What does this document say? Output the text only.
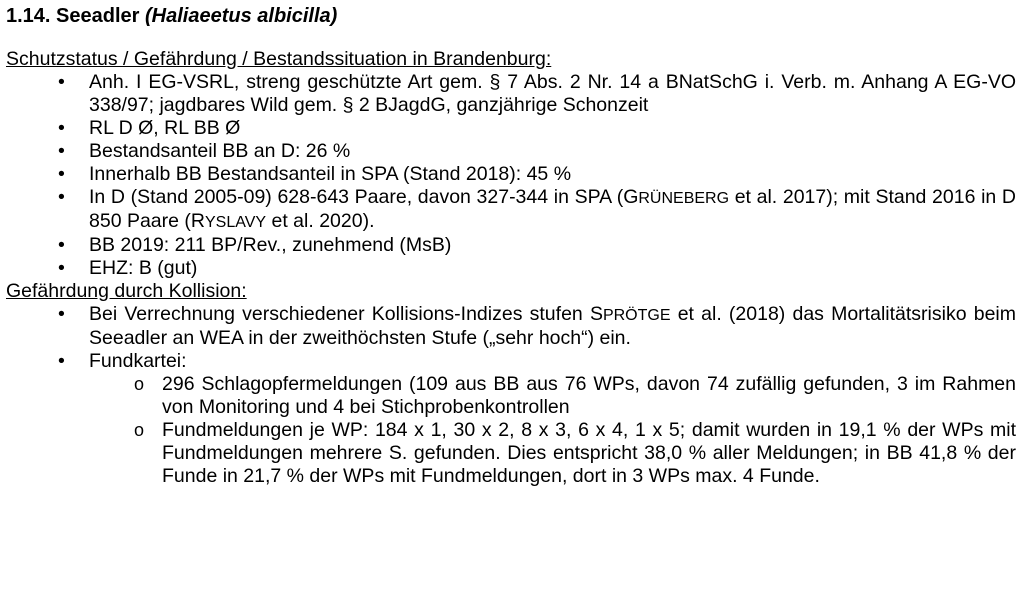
1.14. Seeadler (Haliaeetus albicilla)

Schutzstatus / Gefährdung / Bestandssituation in Brandenburg:

• Anh. I EG-VSRL, streng geschützte Art gem. § 7 Abs. 2 Nr. 14 a BNatSchG i. Verb. m. Anhang A EG-VO 338/97; jagdbares Wild gem. § 2 BJagdG, ganzjährige Schonzeit
• RL D Ø, RL BB Ø
• Bestandsanteil BB an D: 26 %
• Innerhalb BB Bestandsanteil in SPA (Stand 2018): 45 %
• In D (Stand 2005-09) 628-643 Paare, davon 327-344 in SPA (GRÜNEBERG et al. 2017); mit Stand 2016 in D 850 Paare (RYSLAVY et al. 2020).
• BB 2019: 211 BP/Rev., zunehmend (MsB)
• EHZ: B (gut)

Gefährdung durch Kollision:

• Bei Verrechnung verschiedener Kollisions-Indizes stufen SPRÖTGE et al. (2018) das Mortalitätsrisiko beim Seeadler an WEA in der zweithöchsten Stufe („sehr hoch“) ein.
• Fundkartei:
o 296 Schlagopfermeldungen (109 aus BB aus 76 WPs, davon 74 zufällig gefunden, 3 im Rahmen von Monitoring und 4 bei Stichprobenkontrollen
o Fundmeldungen je WP: 184 x 1, 30 x 2, 8 x 3, 6 x 4, 1 x 5; damit wurden in 19,1 % der WPs mit Fundmeldungen mehrere S. gefunden. Dies entspricht 38,0 % aller Meldungen; in BB 41,8 % der Funde in 21,7 % der WPs mit Fundmeldungen, dort in 3 WPs max. 4 Funde.
